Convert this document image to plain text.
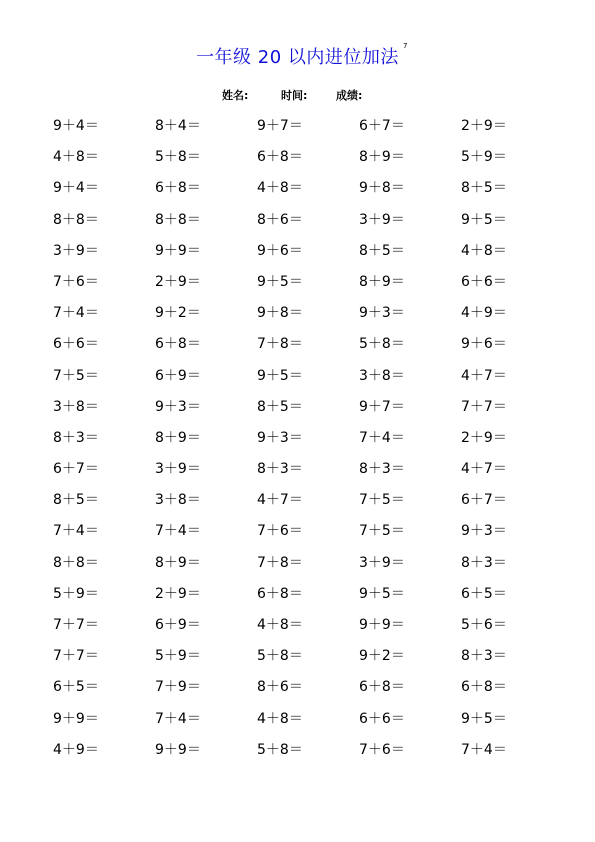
一年级 20 以内进位加法
7
姓名:	时间:	成绩:
9＋4＝	8＋4＝	9＋7＝	6＋7＝	2＋9＝
4＋8＝	5＋8＝	6＋8＝	8＋9＝	5＋9＝
9＋4＝	6＋8＝	4＋8＝	9＋8＝	8＋5＝
8＋8＝	8＋8＝	8＋6＝	3＋9＝	9＋5＝
3＋9＝	9＋9＝	9＋6＝	8＋5＝	4＋8＝
7＋6＝	2＋9＝	9＋5＝	8＋9＝	6＋6＝
7＋4＝	9＋2＝	9＋8＝	9＋3＝	4＋9＝
6＋6＝	6＋8＝	7＋8＝	5＋8＝	9＋6＝
7＋5＝	6＋9＝	9＋5＝	3＋8＝	4＋7＝
3＋8＝	9＋3＝	8＋5＝	9＋7＝	7＋7＝
8＋3＝	8＋9＝	9＋3＝	7＋4＝	2＋9＝
6＋7＝	3＋9＝	8＋3＝	8＋3＝	4＋7＝
8＋5＝	3＋8＝	4＋7＝	7＋5＝	6＋7＝
7＋4＝	7＋4＝	7＋6＝	7＋5＝	9＋3＝
8＋8＝	8＋9＝	7＋8＝	3＋9＝	8＋3＝
5＋9＝	2＋9＝	6＋8＝	9＋5＝	6＋5＝
7＋7＝	6＋9＝	4＋8＝	9＋9＝	5＋6＝
7＋7＝	5＋9＝	5＋8＝	9＋2＝	8＋3＝
6＋5＝	7＋9＝	8＋6＝	6＋8＝	6＋8＝
9＋9＝	7＋4＝	4＋8＝	6＋6＝	9＋5＝
4＋9＝	9＋9＝	5＋8＝	7＋6＝	7＋4＝
